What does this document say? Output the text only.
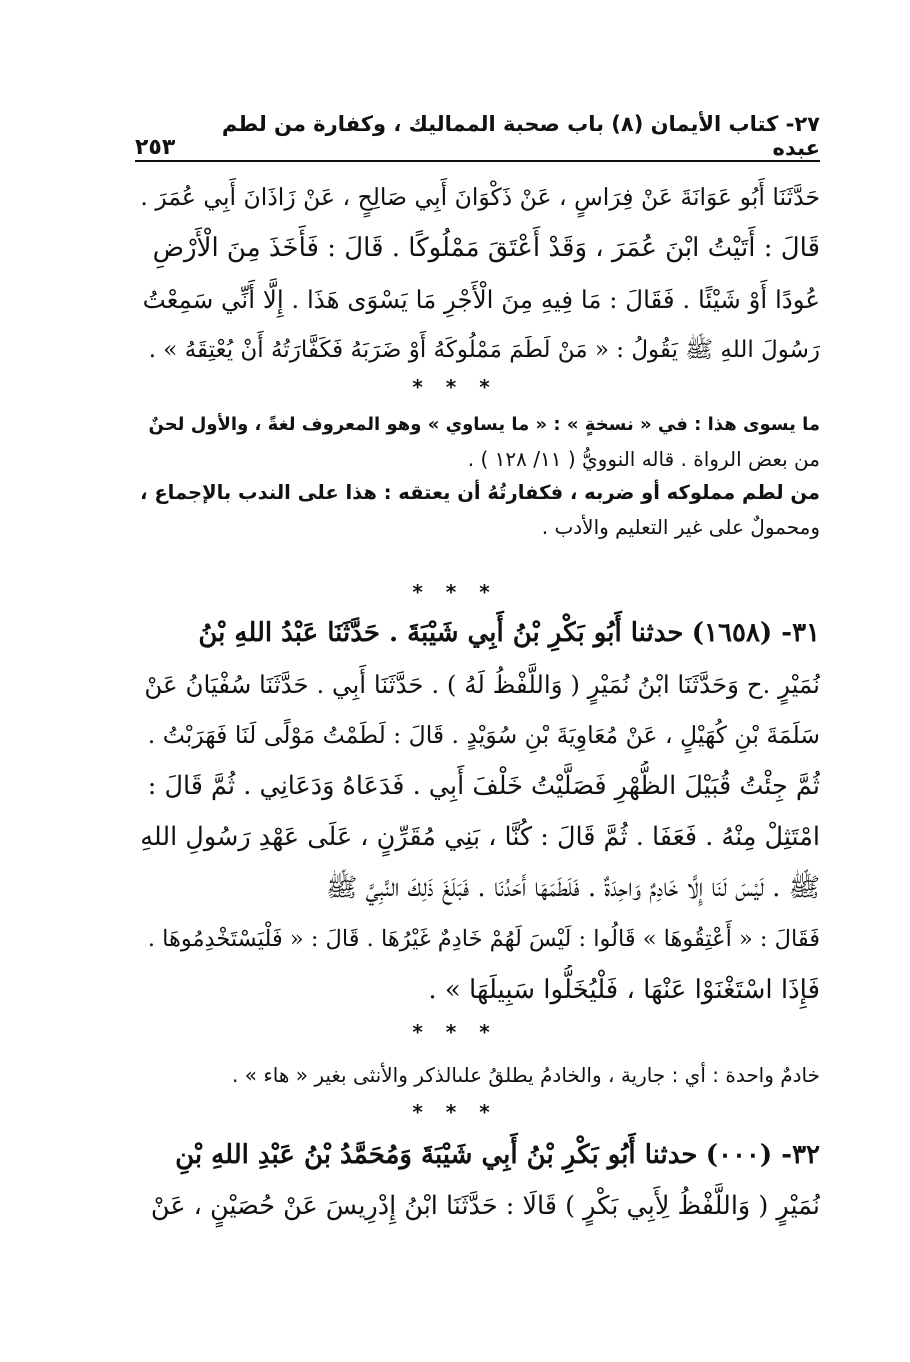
٢٧- كتاب الأيمان (٨) باب صحبة المماليك ، وكفارة من لطم عبده
٢٥٣
حَدَّثَنَا أَبُو عَوَانَةَ عَنْ فِرَاسٍ ، عَنْ ذَكْوَانَ أَبِي صَالِحٍ ، عَنْ زَاذَانَ أَبِي عُمَرَ .
قَالَ : أَتَيْتُ ابْنَ عُمَرَ ، وَقَدْ أَعْتَقَ مَمْلُوكًا . قَالَ : فَأَخَذَ مِنَ الْأَرْضِ
عُودًا أَوْ شَيْئًا . فَقَالَ : مَا فِيهِ مِنَ الْأَجْرِ مَا يَسْوَى هَذَا . إِلَّا أَنِّي سَمِعْتُ
رَسُولَ اللهِ ﷺ يَقُولُ : « مَنْ لَطَمَ مَمْلُوكَهُ أَوْ ضَرَبَهُ فَكَفَّارَتُهُ أَنْ يُعْتِقَهُ » .
* * *
ما يسوى هذا : في « نسخةٍ » : « ما يساوي » وهو المعروف لغةً ، والأول لحنٌ
من بعض الرواة . قاله النوويُّ ( ١١/ ١٢٨ ) .
من لطم مملوكه أو ضربه ، فكفارتُهُ أن يعتقه : هذا على الندب بالإجماع ،
ومحمولٌ على غير التعليم والأدب .
* * *
٣١- (١٦٥٨) حدثنا أَبُو بَكْرِ بْنُ أَبِي شَيْبَةَ . حَدَّثَنَا عَبْدُ اللهِ بْنُ
نُمَيْرٍ .ح وَحَدَّثَنَا ابْنُ نُمَيْرٍ ( وَاللَّفْظُ لَهُ ) . حَدَّثَنَا أَبِي . حَدَّثَنَا سُفْيَانُ عَنْ
سَلَمَةَ بْنِ كُهَيْلٍ ، عَنْ مُعَاوِيَةَ بْنِ سُوَيْدٍ . قَالَ : لَطَمْتُ مَوْلًى لَنَا فَهَرَبْتُ .
ثُمَّ جِئْتُ قُبَيْلَ الظُّهْرِ فَصَلَّيْتُ خَلْفَ أَبِي . فَدَعَاهُ وَدَعَانِي . ثُمَّ قَالَ :
امْتَثِلْ مِنْهُ . فَعَفَا . ثُمَّ قَالَ : كُنَّا ، بَنِي مُقَرِّنٍ ، عَلَى عَهْدِ رَسُولِ اللهِ
ﷺ . لَيْسَ لَنَا إِلَّا خَادِمٌ وَاحِدَةٌ . فَلَطَمَهَا أَحَدُنَا . فَبَلَغَ ذَلِكَ النَّبِيَّ ﷺ
فَقَالَ : « أَعْتِقُوهَا » قَالُوا : لَيْسَ لَهُمْ خَادِمٌ غَيْرُهَا . قَالَ : « فَلْيَسْتَخْدِمُوهَا .
فَإِذَا اسْتَغْنَوْا عَنْهَا ، فَلْيُخَلُّوا سَبِيلَهَا » .
* * *
خادمٌ واحدة : أي : جارية ، والخادمُ يطلقُ علىالذكر والأنثى بغير « هاء » .
* * *
٣٢- (٠٠٠) حدثنا أَبُو بَكْرِ بْنُ أَبِي شَيْبَةَ وَمُحَمَّدُ بْنُ عَبْدِ اللهِ بْنِ
نُمَيْرٍ ( وَاللَّفْظُ لِأَبِي بَكْرٍ ) قَالَا : حَدَّثَنَا ابْنُ إِدْرِيسَ عَنْ حُصَيْنٍ ، عَنْ
